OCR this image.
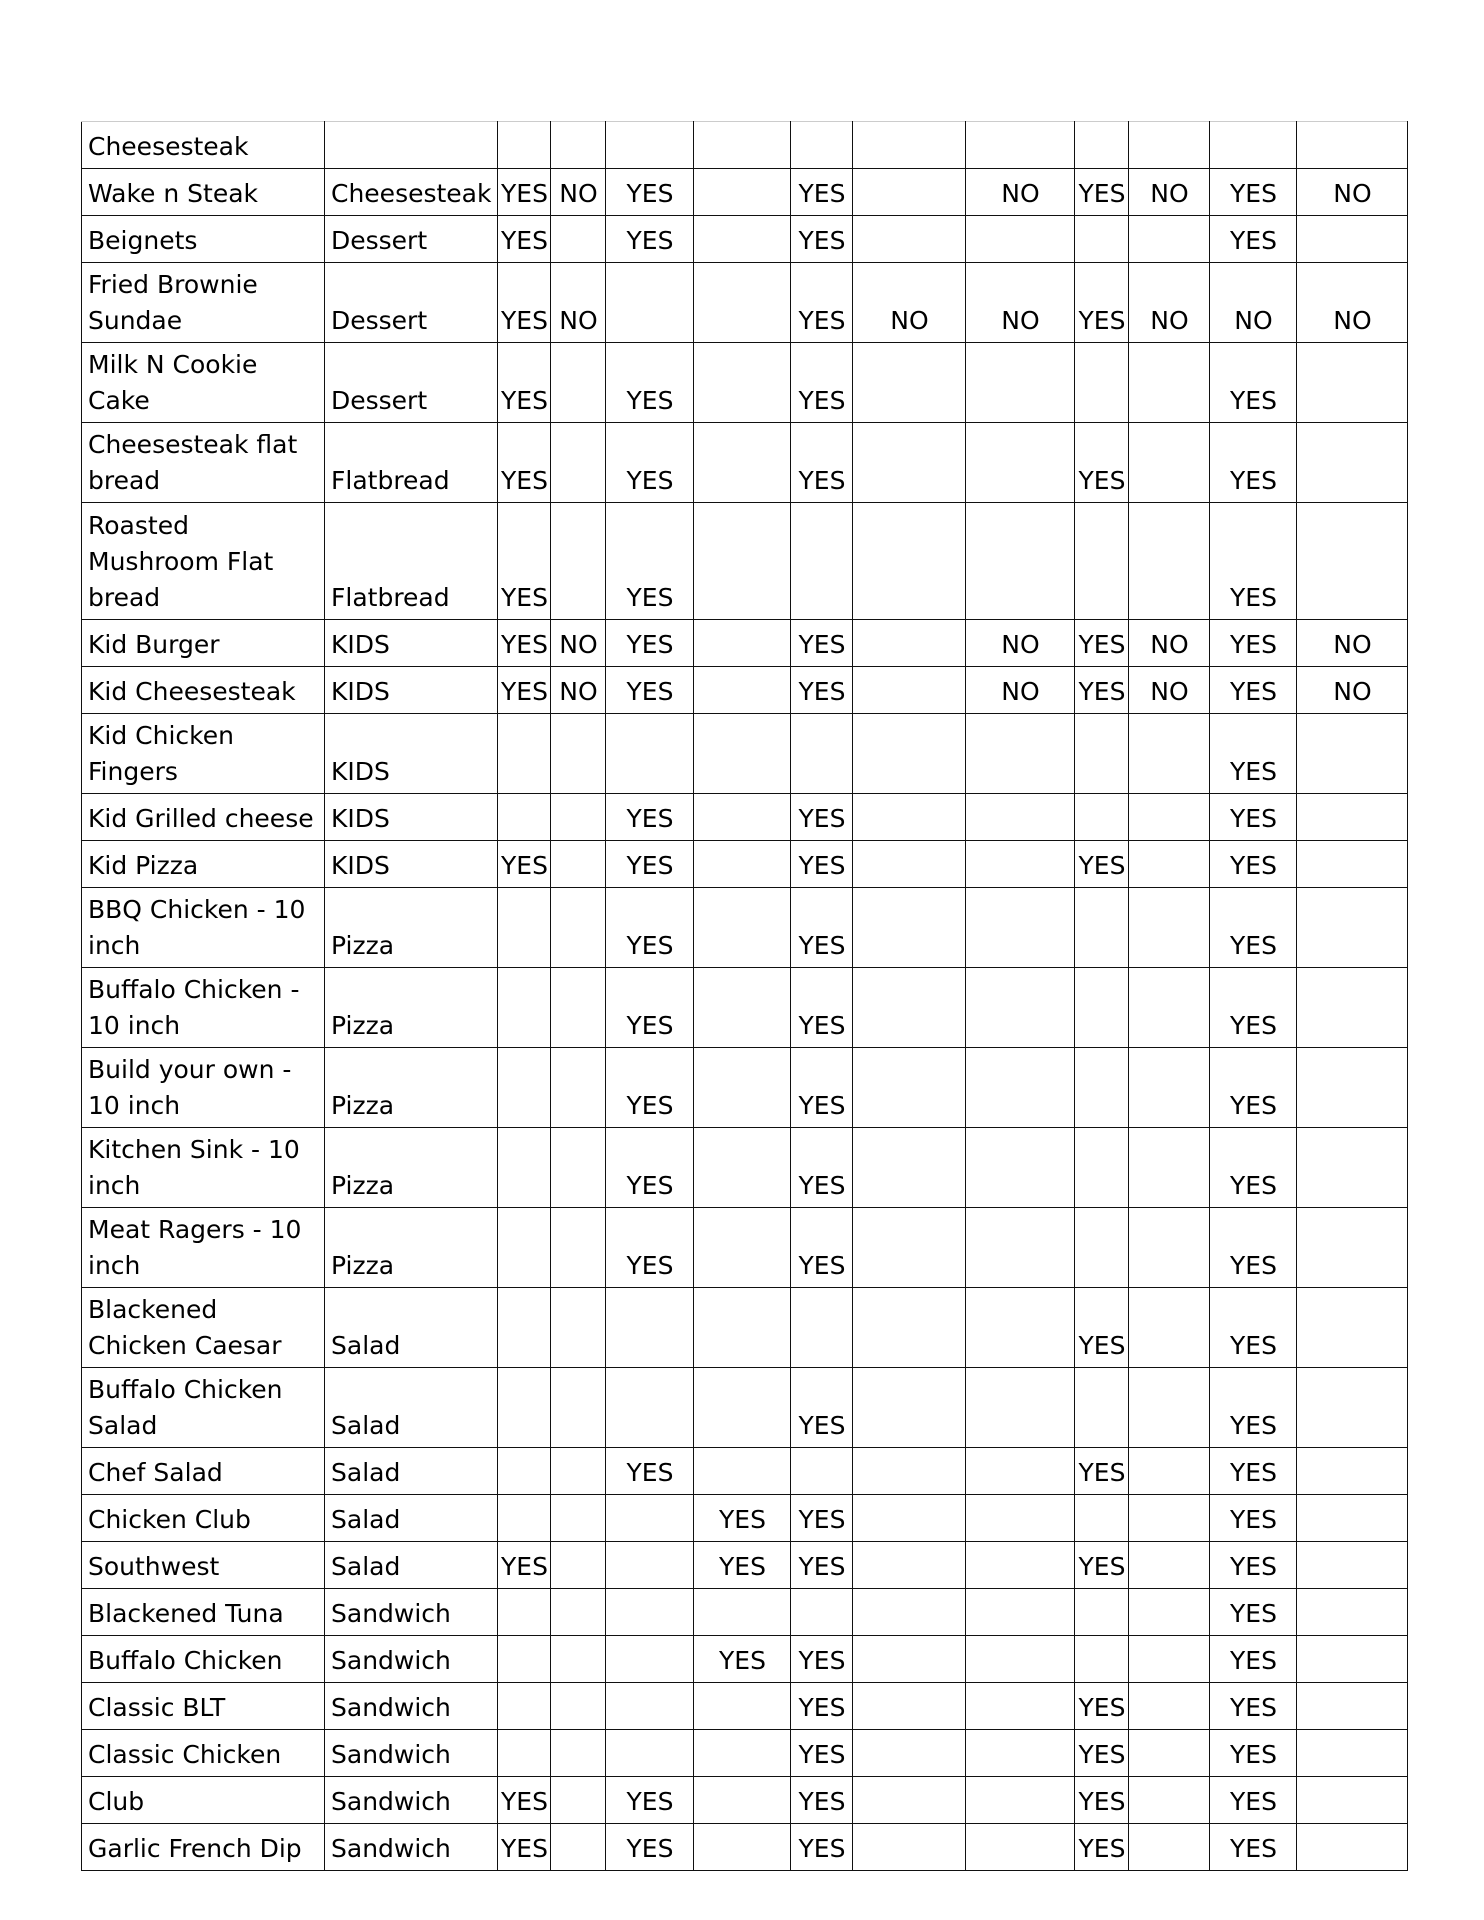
Cheesesteak												
Wake n Steak	Cheesesteak	YES	NO	YES		YES		NO	YES	NO	YES	NO
Beignets	Dessert	YES		YES		YES					YES	
Fried Brownie Sundae	Dessert	YES	NO			YES	NO	NO	YES	NO	NO	NO
Milk N Cookie Cake	Dessert	YES		YES		YES					YES	
Cheesesteak flat bread	Flatbread	YES		YES		YES			YES		YES	
Roasted Mushroom Flat bread	Flatbread	YES		YES							YES	
Kid Burger	KIDS	YES	NO	YES		YES		NO	YES	NO	YES	NO
Kid Cheesesteak	KIDS	YES	NO	YES		YES		NO	YES	NO	YES	NO
Kid Chicken Fingers	KIDS										YES	
Kid Grilled cheese	KIDS			YES		YES					YES	
Kid Pizza	KIDS	YES		YES		YES			YES		YES	
BBQ Chicken - 10 inch	Pizza			YES		YES					YES	
Buffalo Chicken - 10 inch	Pizza			YES		YES					YES	
Build your own - 10 inch	Pizza			YES		YES					YES	
Kitchen Sink - 10 inch	Pizza			YES		YES					YES	
Meat Ragers - 10 inch	Pizza			YES		YES					YES	
Blackened Chicken Caesar	Salad								YES		YES	
Buffalo Chicken Salad	Salad					YES					YES	
Chef Salad	Salad			YES					YES		YES	
Chicken Club	Salad				YES	YES					YES	
Southwest	Salad	YES			YES	YES			YES		YES	
Blackened Tuna	Sandwich										YES	
Buffalo Chicken	Sandwich				YES	YES					YES	
Classic BLT	Sandwich					YES			YES		YES	
Classic Chicken	Sandwich					YES			YES		YES	
Club	Sandwich	YES		YES		YES			YES		YES	
Garlic French Dip	Sandwich	YES		YES		YES			YES		YES	
